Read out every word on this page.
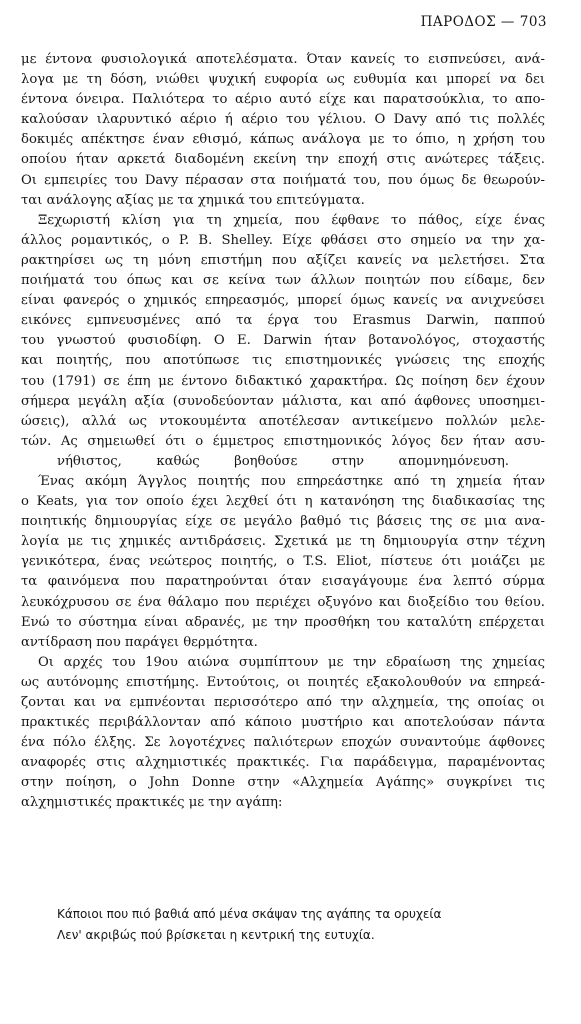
ΠΑΡΟΔΟΣ — 703
με έντονα φυσιολογικά αποτελέσματα. Όταν κανείς το εισπνεύσει, ανά-
λογα με τη δόση, νιώθει ψυχική ευφορία ως ευθυμία και μπορεί να δει
έντονα όνειρα. Παλιότερα το αέριο αυτό είχε και παρατσούκλια, το απο-
καλούσαν ιλαρυντικό αέριο ή αέριο του γέλιου. Ο Davy από τις πολλές
δοκιμές απέκτησε έναν εθισμό, κάπως ανάλογα με το όπιο, η χρήση του
οποίου ήταν αρκετά διαδομένη εκείνη την εποχή στις ανώτερες τάξεις.
Οι εμπειρίες του Davy πέρασαν στα ποιήματά του, που όμως δε θεωρούν-
ται ανάλογης αξίας με τα χημικά του επιτεύγματα.
Ξεχωριστή κλίση για τη χημεία, που έφθανε το πάθος, είχε ένας
άλλος ρομαντικός, ο P. B. Shelley. Είχε φθάσει στο σημείο να την χα-
ρακτηρίσει ως τη μόνη επιστήμη που αξίζει κανείς να μελετήσει. Στα
ποιήματά του όπως και σε κείνα των άλλων ποιητών που είδαμε, δεν
είναι φανερός ο χημικός επηρεασμός, μπορεί όμως κανείς να ανιχνεύσει
εικόνες εμπνευσμένες από τα έργα του Erasmus Darwin, παππού
του γνωστού φυσιοδίφη. Ο E. Darwin ήταν βοτανολόγος, στοχαστής
και ποιητής, που αποτύπωσε τις επιστημονικές γνώσεις της εποχής
του (1791) σε έπη με έντονο διδακτικό χαρακτήρα. Ως ποίηση δεν έχουν
σήμερα μεγάλη αξία (συνοδεύονταν μάλιστα, και από άφθονες υποσημει-
ώσεις), αλλά ως ντοκουμέντα αποτέλεσαν αντικείμενο πολλών μελε-
τών. Ας σημειωθεί ότι ο έμμετρος επιστημονικός λόγος δεν ήταν ασυ-
νήθιστος, καθώς βοηθούσε στην απομνημόνευση.
Ένας ακόμη Άγγλος ποιητής που επηρεάστηκε από τη χημεία ήταν
ο Keats, για τον οποίο έχει λεχθεί ότι η κατανόηση της διαδικασίας της
ποιητικής δημιουργίας είχε σε μεγάλο βαθμό τις βάσεις της σε μια ανα-
λογία με τις χημικές αντιδράσεις. Σχετικά με τη δημιουργία στην τέχνη
γενικότερα, ένας νεώτερος ποιητής, ο T.S. Eliot, πίστευε ότι μοιάζει με
τα φαινόμενα που παρατηρούνται όταν εισαγάγουμε ένα λεπτό σύρμα
λευκόχρυσου σε ένα θάλαμο που περιέχει οξυγόνο και διοξείδιο του θείου.
Ενώ το σύστημα είναι αδρανές, με την προσθήκη του καταλύτη επέρχεται
αντίδραση που παράγει θερμότητα.
Οι αρχές του 19ου αιώνα συμπίπτουν με την εδραίωση της χημείας
ως αυτόνομης επιστήμης. Εντούτοις, οι ποιητές εξακολουθούν να επηρεά-
ζονται και να εμπνέονται περισσότερο από την αλχημεία, της οποίας οι
πρακτικές περιβάλλονταν από κάποιο μυστήριο και αποτελούσαν πάντα
ένα πόλο έλξης. Σε λογοτέχνες παλιότερων εποχών συναντούμε άφθονες
αναφορές στις αλχημιστικές πρακτικές. Για παράδειγμα, παραμένοντας
στην ποίηση, ο John Donne στην «Αλχημεία Αγάπης» συγκρίνει τις
αλχημιστικές πρακτικές με την αγάπη:
Κάποιοι που πιό βαθιά από μένα σκάψαν της αγάπης τα ορυχεία
Λεν' ακριβώς πού βρίσκεται η κεντρική της ευτυχία.
